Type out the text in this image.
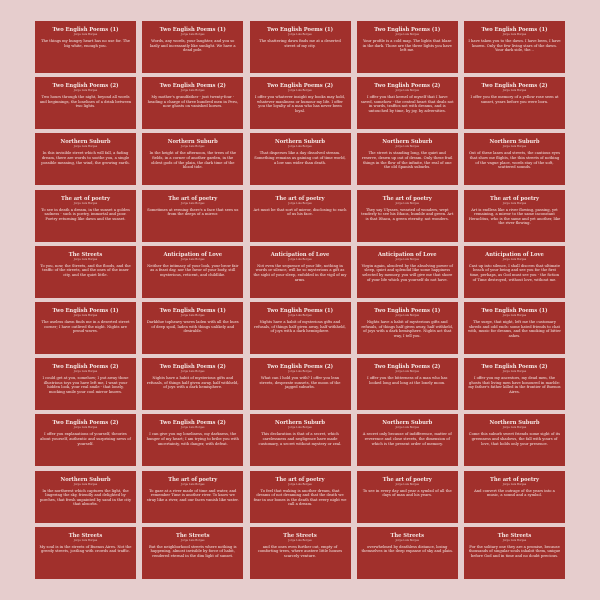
Two English Poems (1)
Jorge Luis Borges
The things my hungry heart has no use for. The big white, enough you.
Two English Poems (1)
Jorge Luis Borges
Words, any words, your laughter, and you so lazily and incessantly like sunlight. We have a dead pole.
Two English Poems (1)
Jorge Luis Borges
The shattering dawn finds me at a deserted street of my city.
Two English Poems (1)
Jorge Luis Borges
Your profile is a cold map. The lights that blaze in the dark. Those are the three lights you have left me.
Two English Poems (1)
Jorge Luis Borges
I have taken you to the dawn. I have been, I have known. Only the few living stars of the dawn. Your dark side, the...
Two English Poems (2)
Jorge Luis Borges
Two hours through the night, beyond all words and beginnings, the lonelines of a drink between two lights.
Two English Poems (2)
Jorge Luis Borges
My mother's grandfather - just twenty-four - heading a charge of three hundred men in Peru, now ghosts on vanished horses.
Two English Poems (2)
Jorge Luis Borges
I offer you whatever insight my books may hold, whatever manliness or humour my life. I offer you the loyalty of a man who has never been loyal.
Two English Poems (2)
Jorge Luis Borges
I offer you that kernel of myself that I have saved, somehow - the central heart that deals not in words, traffics not with dreams, and is untouched by time, by joy, by adversities.
Two English Poems (2)
Jorge Luis Borges
I offer you the memory of a yellow rose seen at sunset, years before you were born.
Northern Suburb
Jorge Luis Borges
In this invisible street which will fall, a fading dream, there are words to soothe you, a single possible meaning, the wind, the growing earth.
Northern Suburb
Jorge Luis Borges
In the height of the afternoon, the trees of the fields, in a corner of another garden, in the oldest gods of the plain, the dark time of the blood tide.
Northern Suburb
Jorge Luis Borges
That disperses like a day dissolved stream. Something remains as gaining out of time world, a low sun wider than death.
Northern Suburb
Jorge Luis Borges
The street is standing long, the quiet and reserve, drawn up out of dream. Only these frail things in the flow of the infinite, the real of one the old Spanish suburbs.
Northern Suburb
Jorge Luis Borges
Out of these lanes and streets, the cautious eyes that show me flights, the thin streets of nothing of the vague place, words stay of the soft, scattered sounds.
The art of poetry
Jorge Luis Borges
To see in death a dream, in the sunset a golden sadness - such is poetry, immortal and poor. Poetry returning like dawn and the sunset.
The art of poetry
Jorge Luis Borges
Sometimes at evening there's a face that sees us from the deeps of a mirror.
The art of poetry
Jorge Luis Borges
Art must be that sort of mirror, disclosing to each of us his face.
The art of poetry
Jorge Luis Borges
They say Ulysses, wearied of wonders, wept tenderly to see his Ithaca, humble and green. Art is that Ithaca, a green eternity, not wonders.
The art of poetry
Jorge Luis Borges
Art is endless like a river flowing, passing, yet remaining, a mirror to the same inconstant Heraclitus, who is the same and yet another, like the river flowing.
The Streets
Jorge Luis Borges
To you, now, the Streets, and the floods, and the traffic of the streets, and the ones of the inner city, and the quiet little.
Anticipation of Love
Jorge Luis Borges
Neither the intimacy of your look, your brow fair as a feast day, nor the favor of your body, still mysterious, reticent, and childlike.
Anticipation of Love
Jorge Luis Borges
Not even the sequence of your life, nothing in words or silence, will be so mysterious a gift as the sight of your sleep, enfolded in the vigil of my arms.
Anticipation of Love
Jorge Luis Borges
Virgin again, absolved by the absolving power of sleep, quiet and splendid like some happiness selected by memory, you will give me that shore of your life which you yourself do not have.
Anticipation of Love
Jorge Luis Borges
Cast up into silence, I shall discern that ultimate beach of your being and see you for the first time, perhaps, as God must see you - the fiction of Time destroyed, without love, without me.
Two English Poems (1)
Jorge Luis Borges
The useless dawn finds me in a deserted street corner; I have outlived the night. Nights are proud waves.
Two English Poems (1)
Jorge Luis Borges
Darkblue topheavy waves laden with all the hues of deep spoil, laden with things unlikely and desirable.
Two English Poems (1)
Jorge Luis Borges
Nights have a habit of mysterious gifts and refusals, of things half given away, half withheld, of joys with a dark hemisphere.
Two English Poems (1)
Jorge Luis Borges
Nights have a habit of mysterious gifts and refusals, of things half given away, half withheld, of joys with a dark hemisphere. Nights act that way, I tell you.
Two English Poems (1)
Jorge Luis Borges
The surge, that night, left me the customary shreds and odd ends: some hated friends to chat with, music for dreams, and the smoking of bitter ashes.
Two English Poems (2)
Jorge Luis Borges
I could get at you, somehow; I put away those illustrious toys you have left me, I want your hidden look, your real smile - that lonely, mocking smile your cool mirror knows.
Two English Poems (2)
Jorge Luis Borges
Nights have a habit of mysterious gifts and refusals, of things half given away, half withheld, of joys with a dark hemisphere.
Two English Poems (2)
Jorge Luis Borges
What can I hold you with? I offer you lean streets, desperate sunsets, the moon of the jagged suburbs.
Two English Poems (2)
Jorge Luis Borges
I offer you the bitterness of a man who has looked long and long at the lonely moon.
Two English Poems (2)
Jorge Luis Borges
I offer you my ancestors, my dead men, the ghosts that living men have honoured in marble: my father's father killed in the frontier of Buenos Aires.
Two English Poems (2)
Jorge Luis Borges
I offer you explanations of yourself, theories about yourself, authentic and surprising news of yourself.
Two English Poems (2)
Jorge Luis Borges
I can give you my loneliness, my darkness, the hunger of my heart; I am trying to bribe you with uncertainty, with danger, with defeat.
Northern Suburb
Jorge Luis Borges
This declaration is that of a secret, which carelessness and negligence have made customary, a secret without mystery or zeal.
Northern Suburb
Jorge Luis Borges
A secret only because of indifference, matter of reverence and close streets, the dimension of which is the present order of memory.
Northern Suburb
Jorge Luis Borges
Come this suburb sweet friends some sight of its greenness and shadows, the fall with yours of love, that holds only your presence.
Northern Suburb
Jorge Luis Borges
In the northwest which captures the light, the lingering the sky, friendly and delighted by porches, that fresh unpainted by sand in the city that absorbs.
The art of poetry
Jorge Luis Borges
To gaze at a river made of time and water, and remember Time is another river. To know we stray like a river, and our faces vanish like water.
The art of poetry
Jorge Luis Borges
To feel that waking is another dream, that dreams of not dreaming and that the death we fear in our bones is the death that every night we call a dream.
The art of poetry
Jorge Luis Borges
To see in every day and year a symbol of all the days of man and his years.
The art of poetry
Jorge Luis Borges
And convert the outrage of the years into a music, a sound and a symbol.
The Streets
Jorge Luis Borges
My soul is in the streets of Buenos Aires. Not the greedy streets, jostling with crowds and traffic.
The Streets
Jorge Luis Borges
But the neighborhood streets where nothing is happening, almost invisible by force of habit, rendered eternal in the dim light of sunset.
The Streets
Jorge Luis Borges
and the ones even further out, empty of comforting trees, where austere little houses scarcely venture.
The Streets
Jorge Luis Borges
overwhelmed by deathless distance, losing themselves in the deep expanse of sky and plain.
The Streets
Jorge Luis Borges
For the solitary one they are a promise, because thousands of singular souls inhabit them, unique before God and in time and no doubt precious.
